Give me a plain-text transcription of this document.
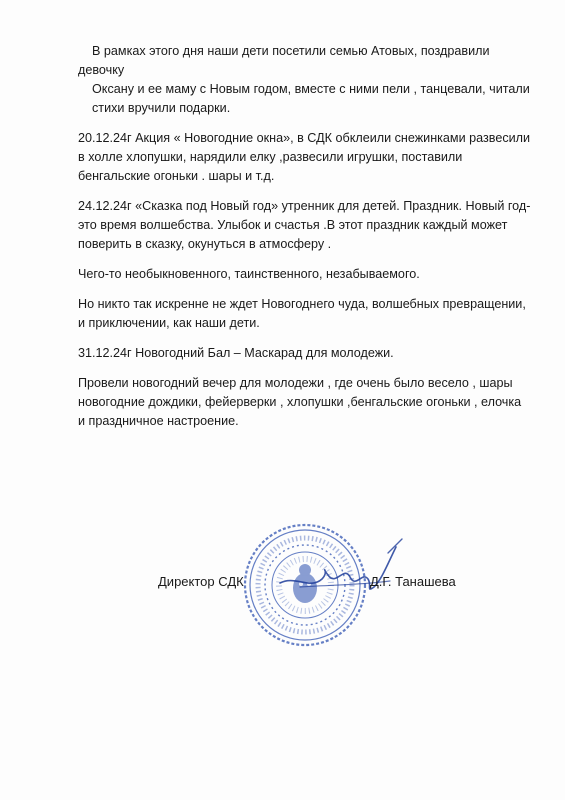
В рамках этого дня наши дети посетили семью Атовых, поздравили девочку
Оксану и ее маму с Новым годом, вместе с ними пели , танцевали, читали
стихи вручили подарки.

20.12.24г Акция « Новогодние окна», в СДК обклеили снежинками развесили
в холле хлопушки, нарядили елку ,развесили игрушки, поставили
бенгальские огоньки . шары и т.д.

24.12.24г «Сказка под Новый год» утренник для детей. Праздник. Новый год-
это время волшебства. Улыбок и счастья .В этот праздник каждый может
поверить в сказку, окунуться в атмосферу .

Чего-то необыкновенного, таинственного, незабываемого.

Но никто так искренне не ждет Новогоднего чуда, волшебных превращении,
и приключении, как наши дети.

31.12.24г Новогодний Бал – Маскарад для молодежи.

Провели новогодний вечер для молодежи , где очень было весело , шары
новогодние дождики, фейерверки , хлопушки ,бенгальские огоньки , елочка
и праздничное настроение.

Директор СДК	Д.Г. Танашева
